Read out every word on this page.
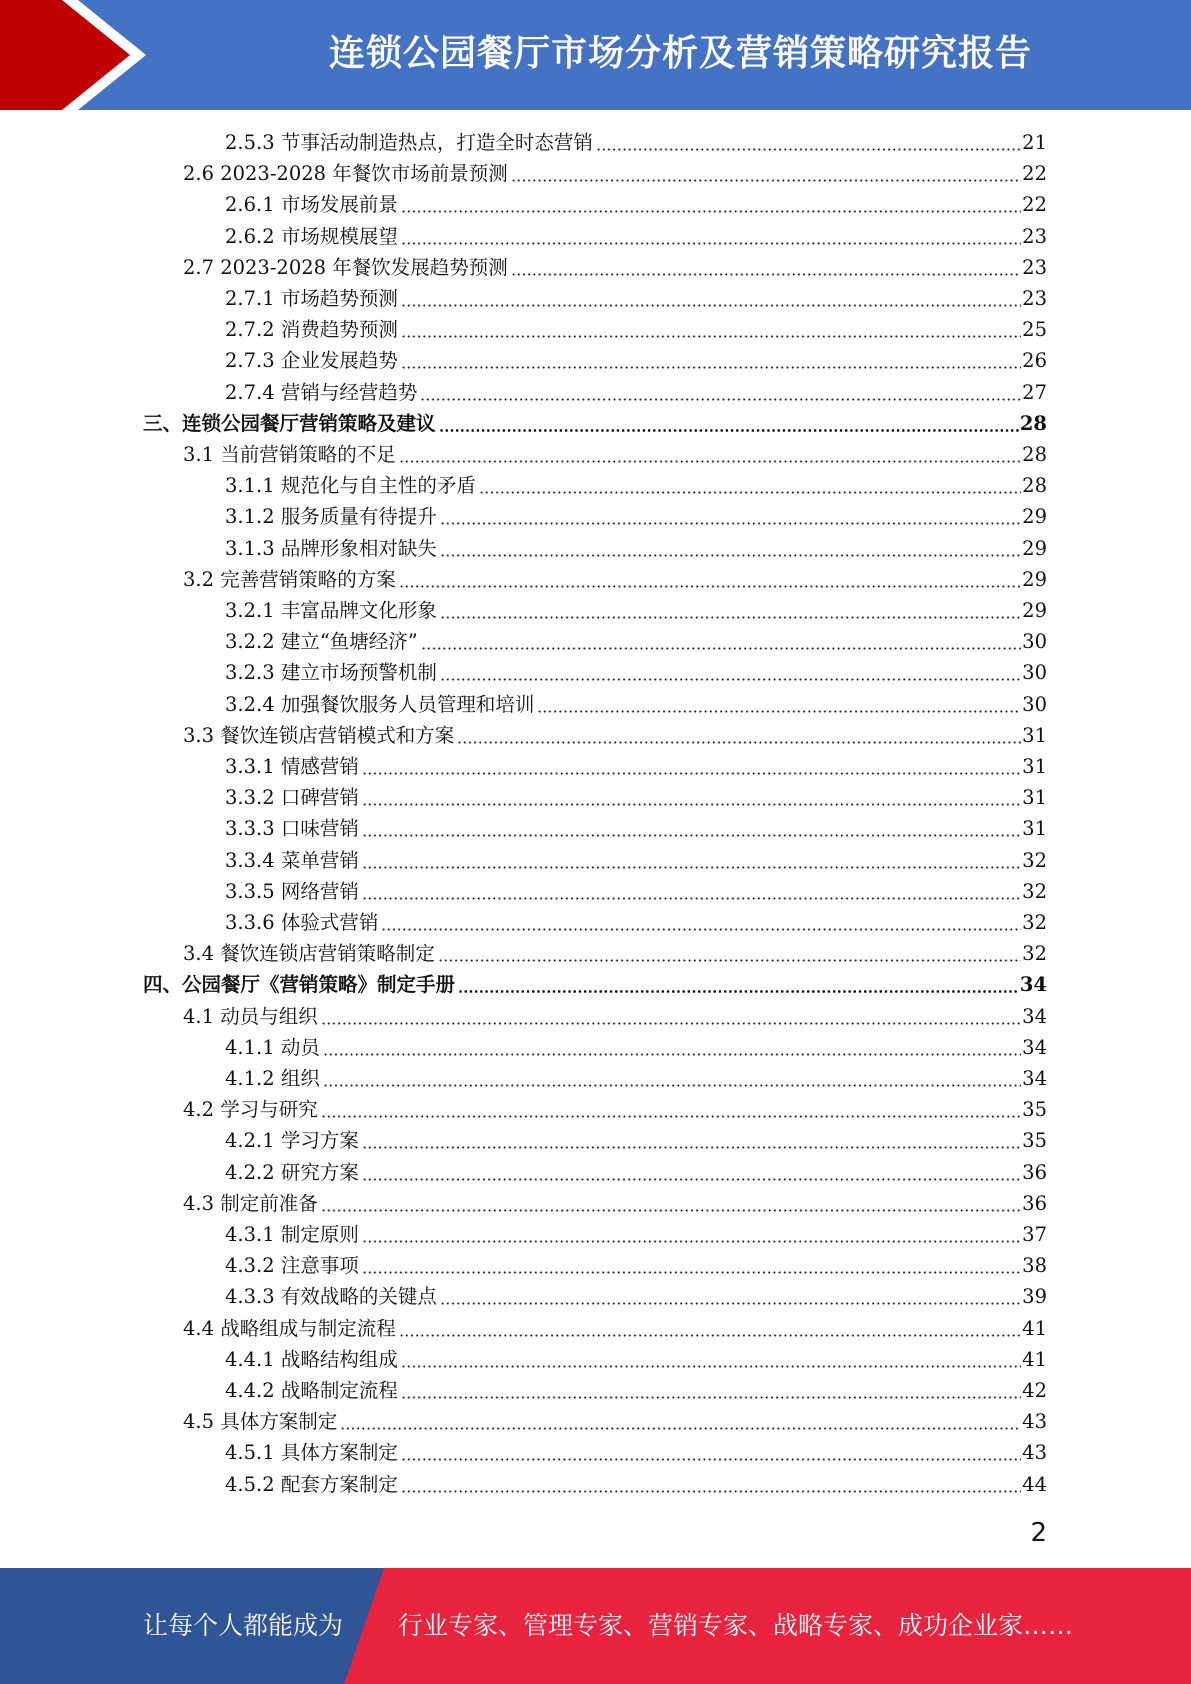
连锁公园餐厅市场分析及营销策略研究报告
2.5.3 节事活动制造热点，打造全时态营销	21
2.6 2023-2028 年餐饮市场前景预测	22
2.6.1 市场发展前景	22
2.6.2 市场规模展望	23
2.7 2023-2028 年餐饮发展趋势预测	23
2.7.1 市场趋势预测	23
2.7.2 消费趋势预测	25
2.7.3 企业发展趋势	26
2.7.4 营销与经营趋势	27
三、连锁公园餐厅营销策略及建议	28
3.1 当前营销策略的不足	28
3.1.1 规范化与自主性的矛盾	28
3.1.2 服务质量有待提升	29
3.1.3 品牌形象相对缺失	29
3.2 完善营销策略的方案	29
3.2.1 丰富品牌文化形象	29
3.2.2 建立“鱼塘经济”	30
3.2.3 建立市场预警机制	30
3.2.4 加强餐饮服务人员管理和培训	30
3.3 餐饮连锁店营销模式和方案	31
3.3.1 情感营销	31
3.3.2 口碑营销	31
3.3.3 口味营销	31
3.3.4 菜单营销	32
3.3.5 网络营销	32
3.3.6 体验式营销	32
3.4 餐饮连锁店营销策略制定	32
四、公园餐厅《营销策略》制定手册	34
4.1 动员与组织	34
4.1.1 动员	34
4.1.2 组织	34
4.2 学习与研究	35
4.2.1 学习方案	35
4.2.2 研究方案	36
4.3 制定前准备	36
4.3.1 制定原则	37
4.3.2 注意事项	38
4.3.3 有效战略的关键点	39
4.4 战略组成与制定流程	41
4.4.1 战略结构组成	41
4.4.2 战略制定流程	42
4.5 具体方案制定	43
4.5.1 具体方案制定	43
4.5.2 配套方案制定	44
2
让每个人都能成为 行业专家、管理专家、营销专家、战略专家、成功企业家……
